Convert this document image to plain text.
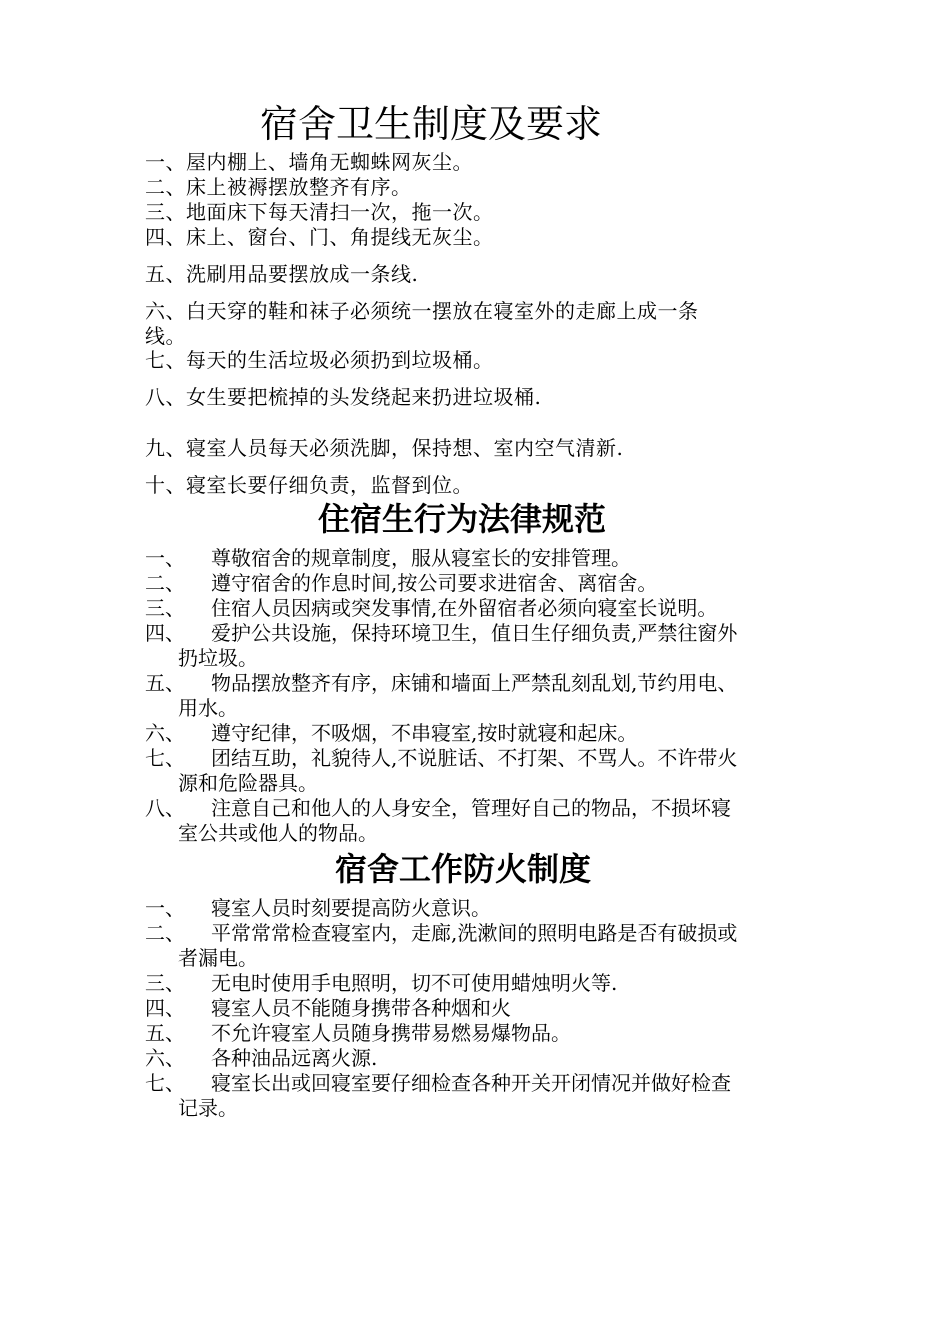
宿舍卫生制度及要求
一、屋内棚上、墙角无蜘蛛网灰尘。
二、床上被褥摆放整齐有序。
三、地面床下每天清扫一次，拖一次。
四、床上、窗台、门、角提线无灰尘。
五、洗刷用品要摆放成一条线.
六、白天穿的鞋和袜子必须统一摆放在寝室外的走廊上成一条
线。
七、每天的生活垃圾必须扔到垃圾桶。
八、女生要把梳掉的头发绕起来扔进垃圾桶.
九、寝室人员每天必须洗脚，保持想、室内空气清新.
十、寝室长要仔细负责，监督到位。
住宿生行为法律规范
一、	尊敬宿舍的规章制度，服从寝室长的安排管理。
二、	遵守宿舍的作息时间,按公司要求进宿舍、离宿舍。
三、	住宿人员因病或突发事情,在外留宿者必须向寝室长说明。
四、	爱护公共设施，保持环境卫生，值日生仔细负责,严禁往窗外
扔垃圾。
五、	物品摆放整齐有序，床铺和墙面上严禁乱刻乱划,节约用电、
用水。
六、	遵守纪律，不吸烟，不串寝室,按时就寝和起床。
七、	团结互助，礼貌待人,不说脏话、不打架、不骂人。不许带火
源和危险器具。
八、	注意自己和他人的人身安全，管理好自己的物品，不损坏寝
室公共或他人的物品。
宿舍工作防火制度
一、	寝室人员时刻要提高防火意识。
二、	平常常常检查寝室内，走廊,洗漱间的照明电路是否有破损或
者漏电。
三、	无电时使用手电照明，切不可使用蜡烛明火等.
四、	寝室人员不能随身携带各种烟和火
五、	不允许寝室人员随身携带易燃易爆物品。
六、	各种油品远离火源.
七、	寝室长出或回寝室要仔细检查各种开关开闭情况并做好检查
记录。
